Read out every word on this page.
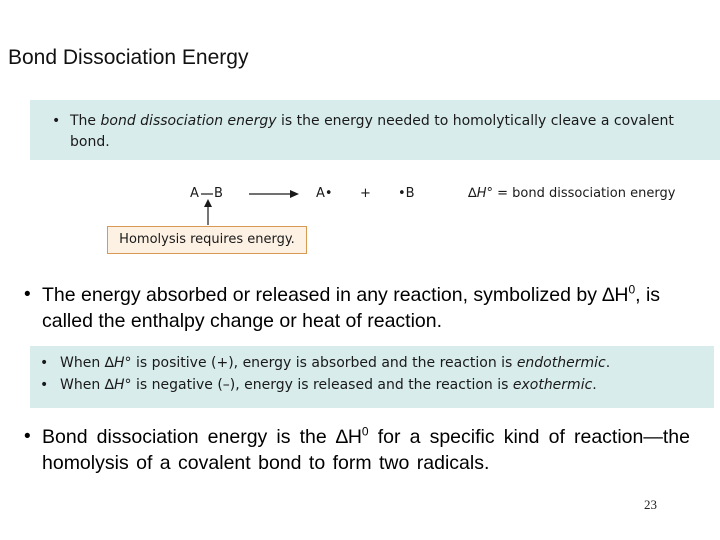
Bond Dissociation Energy
• The bond dissociation energy is the energy needed to homolytically cleave a covalent bond.
A B	A• + •B	∆H° = bond dissociation energy
Homolysis requires energy.
• The energy absorbed or released in any reaction, symbolized by $\Delta H^0$, is called the enthalpy change or heat of reaction.
• When ∆H° is positive (+), energy is absorbed and the reaction is endothermic.
• When ∆H° is negative (–), energy is released and the reaction is exothermic.
• Bond dissociation energy is the $\Delta H^0$ for a specific kind of reaction—the homolysis of a covalent bond to form two radicals.
23
